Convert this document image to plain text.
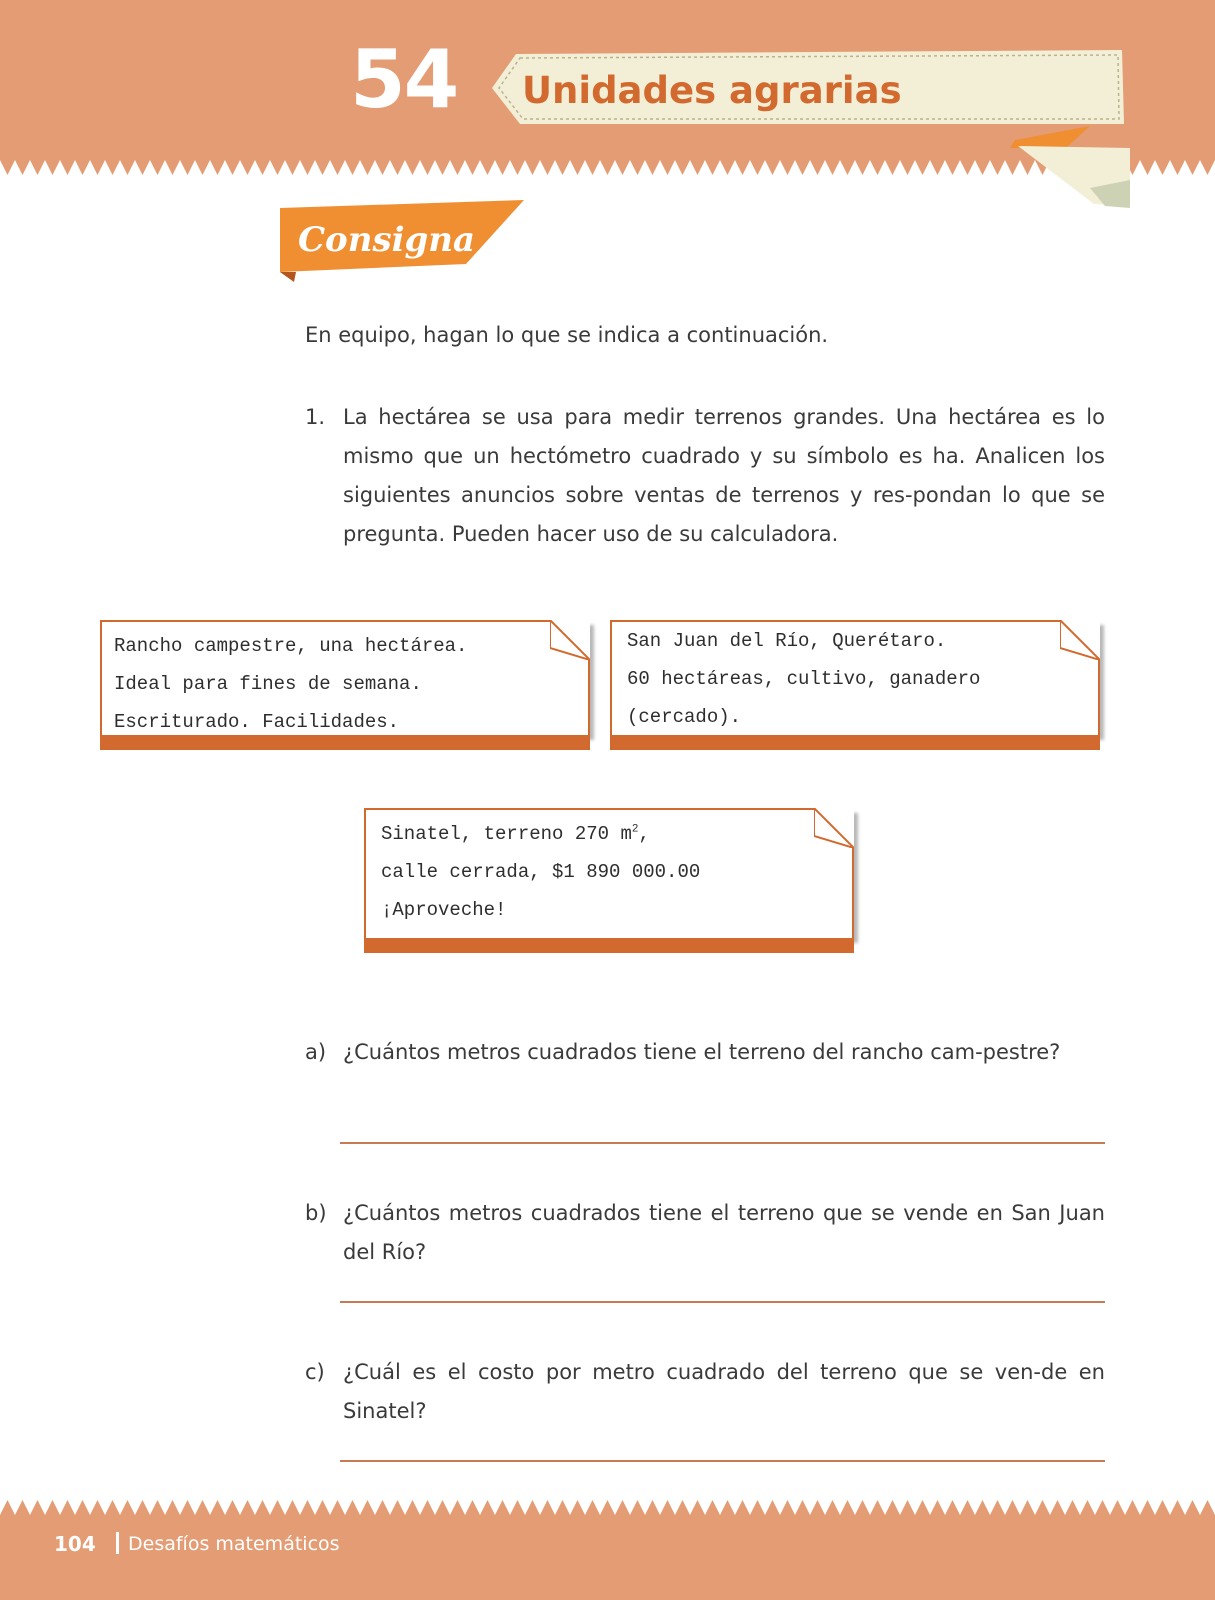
54 Unidades agrarias
Consigna

En equipo, hagan lo que se indica a continuación.

1. La hectárea se usa para medir terrenos grandes. Una hectárea es lo mismo que un hectómetro cuadrado y su símbolo es ha. Analicen los siguientes anuncios sobre ventas de terrenos y res-pondan lo que se pregunta. Pueden hacer uso de su calculadora.

Rancho campestre, una hectárea.

Ideal para fines de semana.

Escriturado. Facilidades.

San Juan del Río, Querétaro.

60 hectáreas, cultivo, ganadero

(cercado).

Sinatel, terreno 270 $m^2$,

calle cerrada, $1 890 000.00

¡Aproveche!

a) ¿Cuántos metros cuadrados tiene el terreno del rancho cam-pestre?
b) ¿Cuántos metros cuadrados tiene el terreno que se vende en San Juan del Río?
c) ¿Cuál es el costo por metro cuadrado del terreno que se ven-de en Sinatel?
104 Desafíos matemáticos
